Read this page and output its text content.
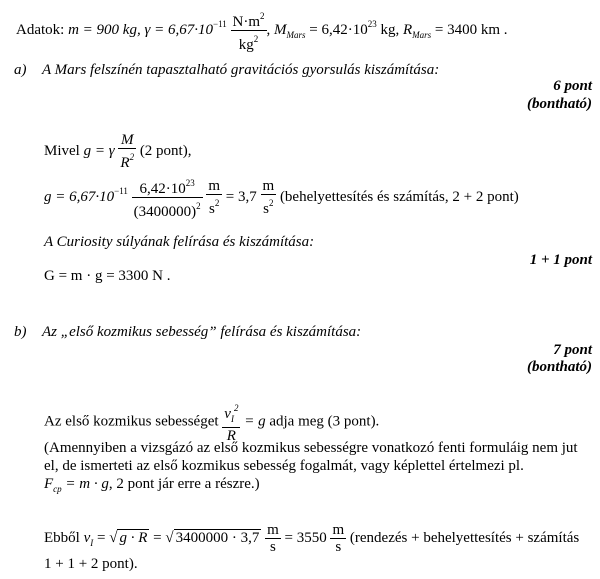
Adatok: m = 900 kg, $\gamma = 6,67\cdot 10^{-11} \frac{N\cdot m^2}{kg^2}$ , $M_{Mars} = 6,42\cdot 10^{23}$ kg, $R_{Mars} = 3400$ km .
a) A Mars felszínén tapasztalható gravitációs gyorsulás kiszámítása:
6 pont
(bontható)
Mivel g = γ $\frac{M}{R^2} (2$ pont),
$g = 6,67\cdot 10^{-11} \frac{6,42\cdot 10^{23}}{(3400000)^2}$
$\frac{m}{s^2} = 3,7 \frac{m}{s^2}$ (behelyettesítés és számítás, 2 + 2 pont)
A Curiosity súlyának felírása és kiszámítása:
1 + 1 pont
G = m · g = 3300 N .
b) Az „első kozmikus sebesség” felírása és kiszámítása:
7 pont
(bontható)
Az első kozmikus sebességet $\frac{v_I^2}{R} = g$ adja meg (3 pont).
(Amennyiben a vizsgázó az első kozmikus sebességre vonatkozó fenti formuláig nem jut
el, de ismerteti az első kozmikus sebesség fogalmát, vagy képlettel értelmezi pl.
$F_{cp} = m \cdot g$, 2 pont jár erre a részre.)
Ebből $v_I$ = √ g · R = √ $3400000 \cdot 3,7 \frac{m}{s} = 3550 \frac{m}{s}$ (rendezés + behelyettesítés + számítás
1 + 1 + 2 pont).
